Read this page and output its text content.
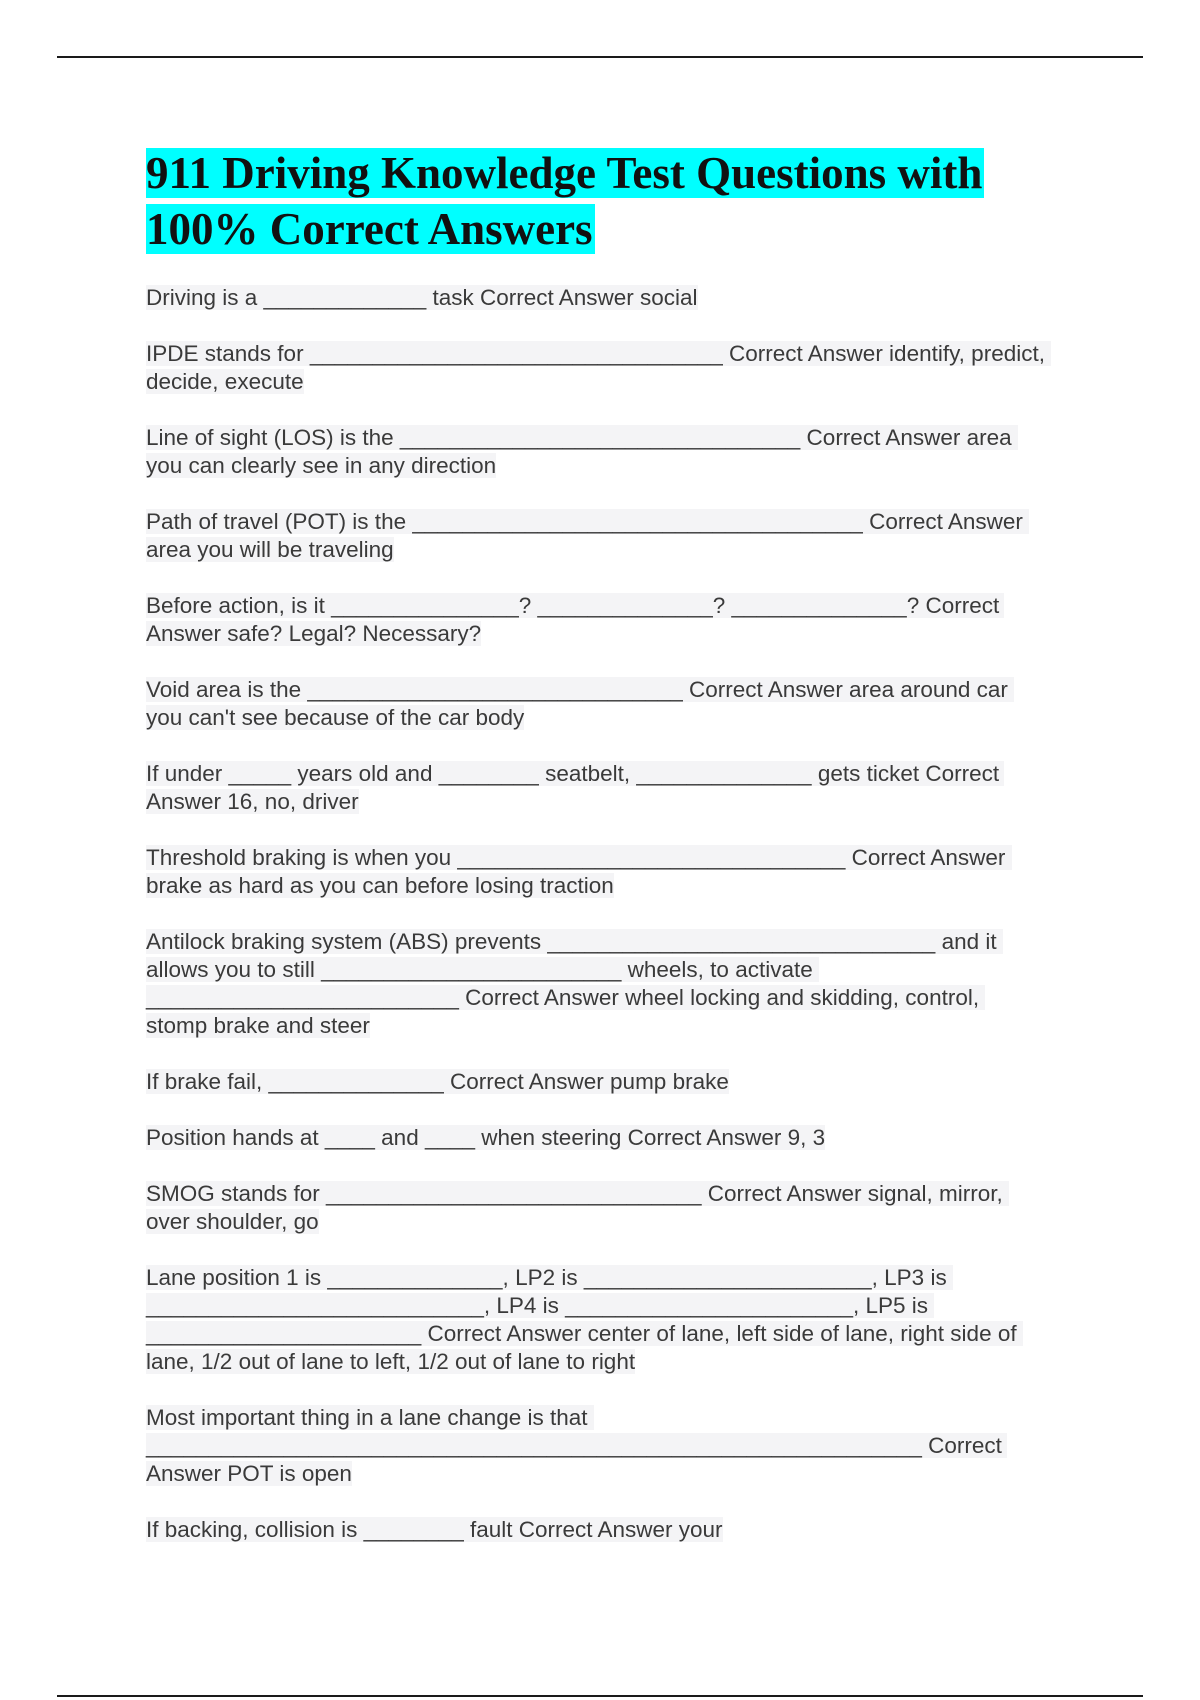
911 Driving Knowledge Test Questions with
100% Correct Answers

Driving is a _____________ task Correct Answer social

IPDE stands for _________________________________ Correct Answer identify, predict, decide, execute

Line of sight (LOS) is the ________________________________ Correct Answer area you can clearly see in any direction

Path of travel (POT) is the ____________________________________ Correct Answer area you will be traveling

Before action, is it _______________? ______________? ______________? Correct Answer safe? Legal? Necessary?

Void area is the ______________________________ Correct Answer area around car you can't see because of the car body

If under _____ years old and ________ seatbelt, ______________ gets ticket Correct Answer 16, no, driver

Threshold braking is when you _______________________________ Correct Answer brake as hard as you can before losing traction

Antilock braking system (ABS) prevents _______________________________ and it allows you to still ________________________ wheels, to activate _________________________ Correct Answer wheel locking and skidding, control, stomp brake and steer

If brake fail, ______________ Correct Answer pump brake

Position hands at ____ and ____ when steering Correct Answer 9, 3

SMOG stands for ______________________________ Correct Answer signal, mirror, over shoulder, go

Lane position 1 is ______________, LP2 is _______________________, LP3 is ___________________________, LP4 is _______________________, LP5 is ______________________ Correct Answer center of lane, left side of lane, right side of lane, 1/2 out of lane to left, 1/2 out of lane to right

Most important thing in a lane change is that ______________________________________________________________ Correct Answer POT is open

If backing, collision is ________ fault Correct Answer your
